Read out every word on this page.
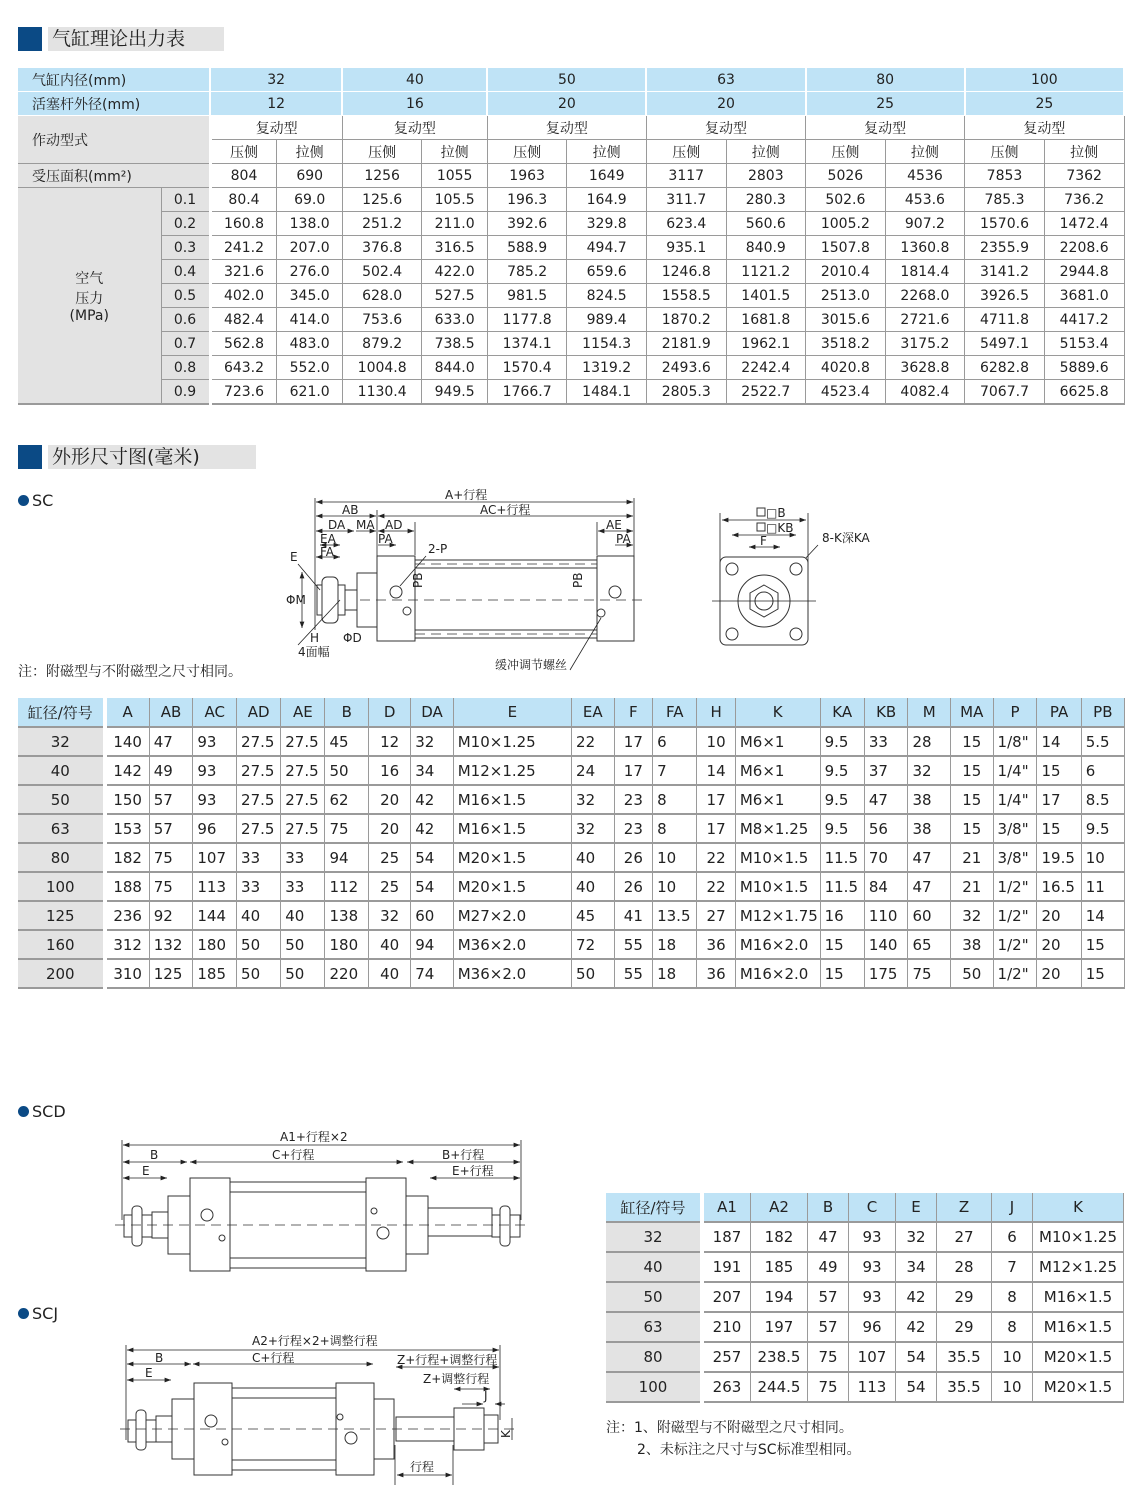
气缸理论出力表
气缸内径(mm)		32		40		50		63		80		100	
活塞杆外径(mm)		12		16		20		20		25		25	
作动型式		复动型		复动型		复动型		复动型		复动型		复动型	
		压侧	拉侧	压侧	拉侧	压侧	拉侧	压侧	拉侧	压侧	拉侧	压侧	拉侧
受压面积(mm²)		804	690	1256	1055	1963	1649	3117	2803	5026	4536	7853	7362

空气
压力
(MPa)	0.1	80.4	69.0	125.6	105.5	196.3	164.9	311.7	280.3	502.6	453.6	785.3	736.2
	0.2	160.8	138.0	251.2	211.0	392.6	329.8	623.4	560.6	1005.2	907.2	1570.6	1472.4
	0.3	241.2	207.0	376.8	316.5	588.9	494.7	935.1	840.9	1507.8	1360.8	2355.9	2208.6
	0.4	321.6	276.0	502.4	422.0	785.2	659.6	1246.8	1121.2	2010.4	1814.4	3141.2	2944.8
	0.5	402.0	345.0	628.0	527.5	981.5	824.5	1558.5	1401.5	2513.0	2268.0	3926.5	3681.0
	0.6	482.4	414.0	753.6	633.0	1177.8	989.4	1870.2	1681.8	3015.6	2721.6	4711.8	4417.2
	0.7	562.8	483.0	879.2	738.5	1374.1	1154.3	2181.9	1962.1	3518.2	3175.2	5497.1	5153.4
	0.8	643.2	552.0	1004.8	844.0	1570.4	1319.2	2493.6	2242.4	4020.8	3628.8	6282.8	5889.6
	0.9	723.6	621.0	1130.4	949.5	1766.7	1484.1	2805.3	2522.7	4523.4	4082.4	7067.7	6625.8
外形尺寸图(毫米)
SC	A+行程
AB	AC+行程
DA MA AD	AE
EA
FA
PA	PA
ΦM
ΦD
E
H
4面幅
2-P
PB	PB
缓冲调节螺丝
□B
□KB
F	8-K深KA
注：附磁型与不附磁型之尺寸相同。
缸径/符号	A	AB	AC	AD	AE	B	D	DA	E	EA	F	FA	H	K	KA	KB	M	MA	P	PA	PB
32	140	47	93	27.5	27.5	45	12	32	M10×1.25	22	17	6	10	M6×1	9.5	33	28	15	1/8"	14	5.5
40	142	49	93	27.5	27.5	50	16	34	M12×1.25	24	17	7	14	M6×1	9.5	37	32	15	1/4"	15	6
50	150	57	93	27.5	27.5	62	20	42	M16×1.5	32	23	8	17	M6×1	9.5	47	38	15	1/4"	17	8.5
63	153	57	96	27.5	27.5	75	20	42	M16×1.5	32	23	8	17	M8×1.25	9.5	56	38	15	3/8"	15	9.5
80	182	75	107	33	33	94	25	54	M20×1.5	40	26	10	22	M10×1.5	11.5	70	47	21	3/8"	19.5	10
100	188	75	113	33	33	112	25	54	M20×1.5	40	26	10	22	M10×1.5	11.5	84	47	21	1/2"	16.5	11
125	236	92	144	40	40	138	32	60	M27×2.0	45	41	13.5	27	M12×1.75	16	110	60	32	1/2"	20	14
160	312	132	180	50	50	180	40	94	M36×2.0	72	55	18	36	M16×2.0	15	140	65	38	1/2"	20	15
200	310	125	185	50	50	220	40	74	M36×2.0	50	55	18	36	M16×2.0	15	175	75	50	1/2"	20	15
SCD
A1+行程×2
B	C+行程	B+行程
E	E+行程
SCJ
A2+行程×2+调整行程
B	C+行程	Z+行程+调整行程
Z+调整行程
E
J
K
行程
缸径/符号	A1	A2	B	C	E	Z	J	K
32	187	182	47	93	32	27	6	M10×1.25
40	191	185	49	93	34	28	7	M12×1.25
50	207	194	57	93	42	29	8	M16×1.5
63	210	197	57	96	42	29	8	M16×1.5
80	257	238.5	75	107	54	35.5	10	M20×1.5
100	263	244.5	75	113	54	35.5	10	M20×1.5
注：1、附磁型与不附磁型之尺寸相同。
2、未标注之尺寸与SC标准型相同。
